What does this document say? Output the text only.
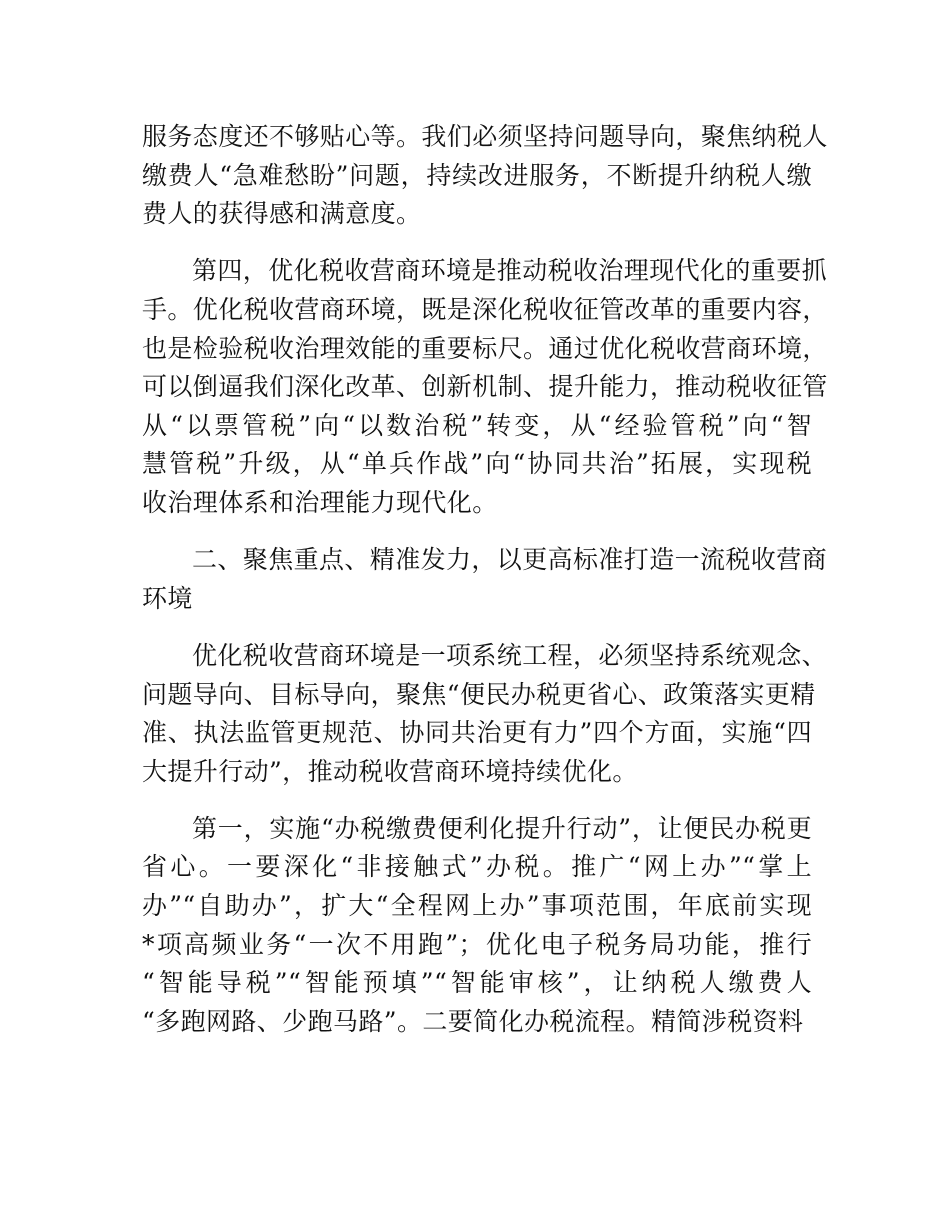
服务态度还不够贴心等。我们必须坚持问题导向，聚焦纳税人
缴费人“急难愁盼”问题，持续改进服务，不断提升纳税人缴
费人的获得感和满意度。
第四，优化税收营商环境是推动税收治理现代化的重要抓
手。优化税收营商环境，既是深化税收征管改革的重要内容，
也是检验税收治理效能的重要标尺。通过优化税收营商环境，
可以倒逼我们深化改革、创新机制、提升能力，推动税收征管
从“以票管税”向“以数治税”转变，从“经验管税”向“智
慧管税”升级，从“单兵作战”向“协同共治”拓展，实现税
收治理体系和治理能力现代化。
二、聚焦重点、精准发力，以更高标准打造一流税收营商
环境
优化税收营商环境是一项系统工程，必须坚持系统观念、
问题导向、目标导向，聚焦“便民办税更省心、政策落实更精
准、执法监管更规范、协同共治更有力”四个方面，实施“四
大提升行动”，推动税收营商环境持续优化。
第一，实施“办税缴费便利化提升行动”，让便民办税更
省心。一要深化“非接触式”办税。推广“网上办”“掌上
办”“自助办”，扩大“全程网上办”事项范围，年底前实现
*项高频业务“一次不用跑”；优化电子税务局功能，推行
“智能导税”“智能预填”“智能审核”，让纳税人缴费人
“多跑网路、少跑马路”。二要简化办税流程。精简涉税资料
